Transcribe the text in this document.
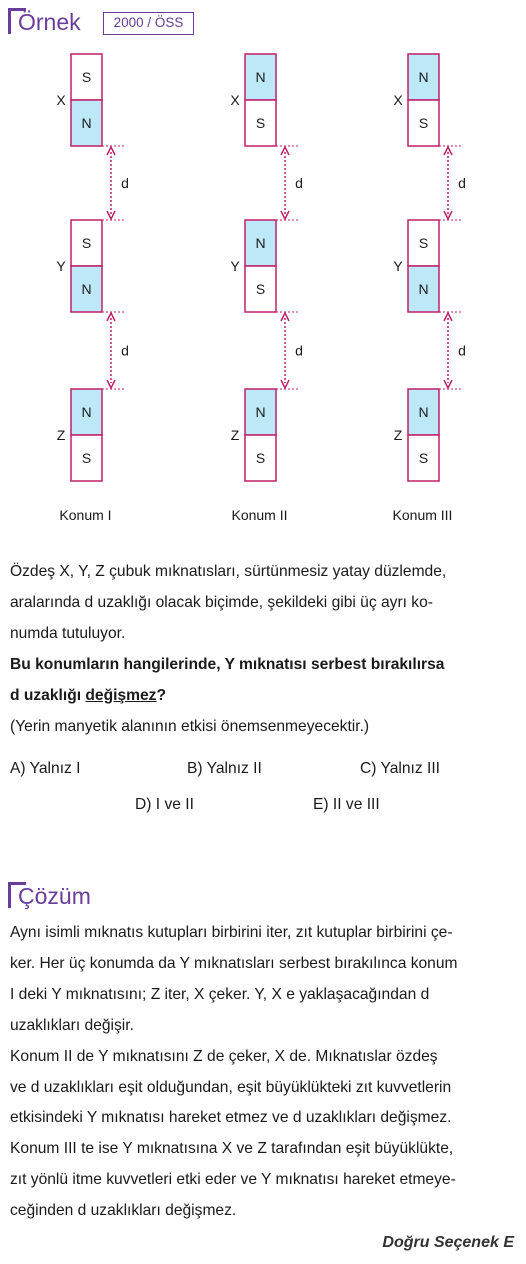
Örnek	2000 / ÖSS
S
N
X
S
N
Y
N
S
Z
d
d
Konum I
N
S
X
N
S
Y
N
S
Z
d
d
Konum II
N
S
X
S
N
Y
N
S
Z
d
d
Konum III

Özdeş X, Y, Z çubuk mıknatısları, sürtünmesiz yatay düzlemde,

aralarında d uzaklığı olacak biçimde, şekildeki gibi üç ayrı ko-

numda tutuluyor.

Bu konumların hangilerinde, Y mıknatısı serbest bırakılırsa

d uzaklığı değişmez?

(Yerin manyetik alanının etkisi önemsenmeyecektir.)

A) Yalnız I	B) Yalnız II	C) Yalnız III
D) I ve II	E) II ve III
Çözüm

Aynı isimli mıknatıs kutupları birbirini iter, zıt kutuplar birbirini çe-

ker. Her üç konumda da Y mıknatısları serbest bırakılınca konum

I deki Y mıknatısını; Z iter, X çeker. Y, X e yaklaşacağından d

uzaklıkları değişir.

Konum II de Y mıknatısını Z de çeker, X de. Mıknatıslar özdeş

ve d uzaklıkları eşit olduğundan, eşit büyüklükteki zıt kuvvetlerin

etkisindeki Y mıknatısı hareket etmez ve d uzaklıkları değişmez.

Konum III te ise Y mıknatısına X ve Z tarafından eşit büyüklükte,

zıt yönlü itme kuvvetleri etki eder ve Y mıknatısı hareket etmeye-

ceğinden d uzaklıkları değişmez.

Doğru Seçenek E
